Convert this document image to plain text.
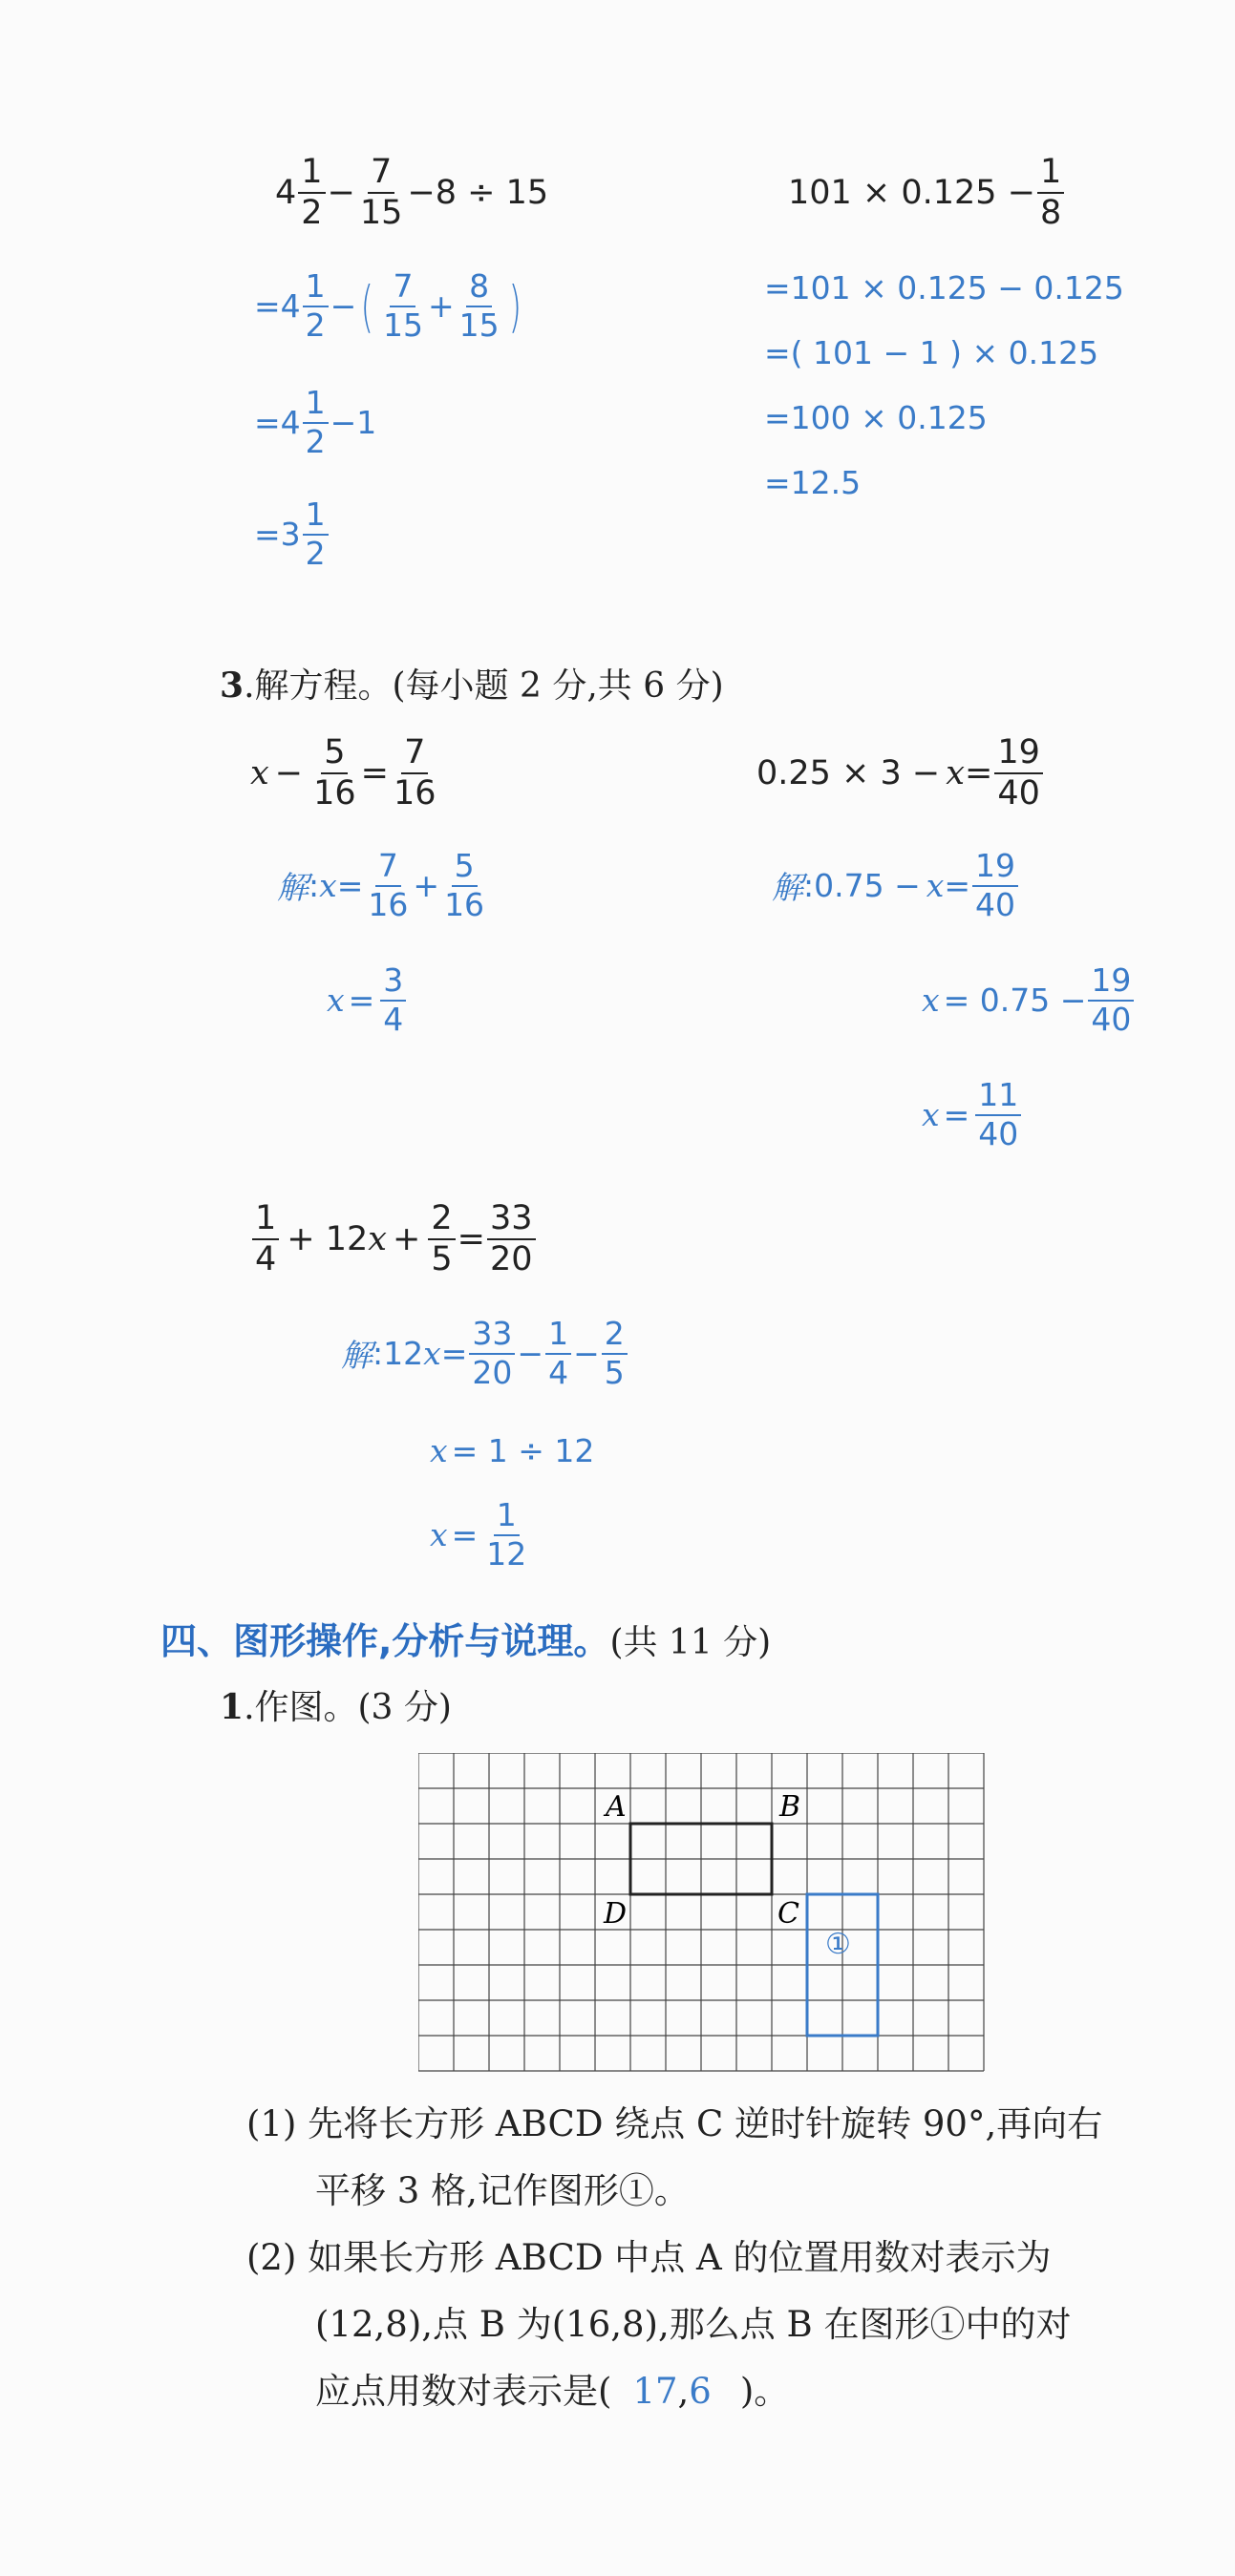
$4 \frac{1}{2} - \frac{7}{15} -8 \div 15$
$=4 \frac{1}{2}$ − ( $\frac{7}{15} + \frac{8}{15}$ )
$=4 \frac{1}{2} -1$
$=3 \frac{1}{2}$
$101 \times 0.125 - \frac{1}{8}$
=101 × 0.125 − 0.125
=( 101 − 1 ) × 0.125
=100 × 0.125
=12.5
3.解方程。(每小题 2 分,共 6 分)
$x - \frac{5}{16} = \frac{7}{16}$
解 : $x = \frac{7}{16} + \frac{5}{16}$
$x = \frac{3}{4}$
$0.25 \times 3 - x = \frac{19}{40}$
解 : $0.75 - x = \frac{19}{40}$
$x = 0.75 - \frac{19}{40}$
$x = \frac{11}{40}$
$\frac{1}{4} + 12$ $x + \frac{2}{5} = \frac{33}{20}$
解 : 12 $x = \frac{33}{20} - \frac{1}{4} - \frac{2}{5}$
x = 1 ÷ 12
$x = \frac{1}{12}$
四、图形操作,分析与说理。(共 11 分)
1.作图。(3 分)
A	B
D	C
①
(1) 先将长方形 ABCD 绕点 C 逆时针旋转 90°,再向右
平移 3 格,记作图形①。
(2) 如果长方形 ABCD 中点 A 的位置用数对表示为
(12,8),点 B 为(16,8),那么点 B 在图形①中的对
应点用数对表示是( 17,6 )。
